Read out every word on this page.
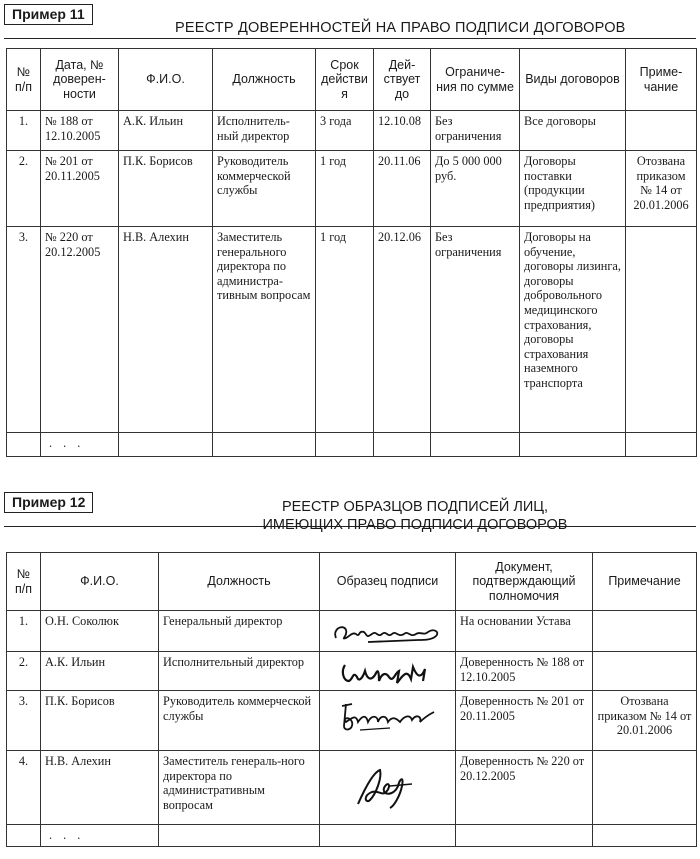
Пример 11
РЕЕСТР ДОВЕРЕННОСТЕЙ НА ПРАВО ПОДПИСИ ДОГОВОРОВ
№ п/п	Дата, № доверен-ности	Ф.И.О.	Должность	Срок действия	Дей-ствует до	Ограниче-ния по сумме	Виды договоров	Приме-чание
1.	№ 188 от 12.10.2005	А.К. Ильин	Исполнитель-ный директор	3 года	12.10.08	Без ограничения	Все договоры	
2.	№ 201 от 20.11.2005	П.К. Борисов	Руководитель коммерческой службы	1 год	20.11.06	До 5 000 000 руб.	Договоры поставки (продукции предприятия)	Отозвана приказом № 14 от 20.01.2006
3.	№ 220 от 20.12.2005	Н.В. Алехин	Заместитель генерального директора по администра-тивным вопросам	1 год	20.12.06	Без ограничения	Договоры на обучение, договоры лизинга, договоры добровольного медицинского страхования, договоры страхования наземного транспорта	
	. . .							
Пример 12	РЕЕСТР ОБРАЗЦОВ ПОДПИСЕЙ ЛИЦ,
ИМЕЮЩИХ ПРАВО ПОДПИСИ ДОГОВОРОВ
№ п/п	Ф.И.О.	Должность	Образец подписи	Документ, подтверждающий полномочия	Примечание
1.	О.Н. Соколюк	Генеральный директор		На основании Устава	
2.	А.К. Ильин	Исполнительный директор		Доверенность № 188 от 12.10.2005	
3.	П.К. Борисов	Руководитель коммерческой службы		Доверенность № 201 от 20.11.2005	Отозвана приказом № 14 от 20.01.2006
4.	Н.В. Алехин	Заместитель генераль-ного директора по административным вопросам		Доверенность № 220 от 20.12.2005	
	. . .				
